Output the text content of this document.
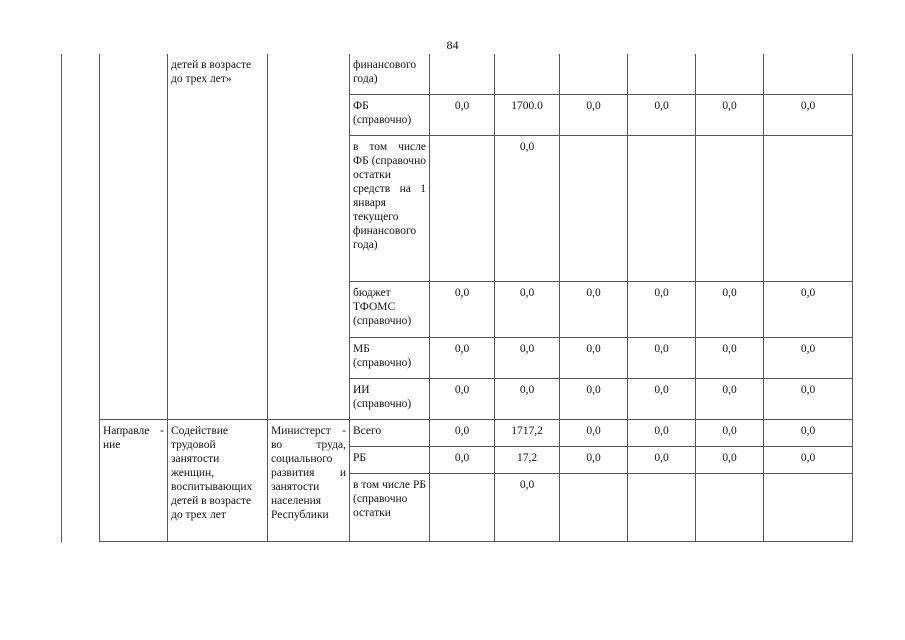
84
	детей в возрасте до трех лет»		финансового года)						
			ФБ (справочно)	0,0	1700.0	0,0	0,0	0,0	0,0
			в том числе ФБ (справочно остатки средств на 1 января текущего финансового года)		0,0				
			бюджет ТФОМС (справочно)	0,0	0,0	0,0	0,0	0,0	0,0
			МБ (справочно)	0,0	0,0	0,0	0,0	0,0	0,0
			ИИ (справочно)	0,0	0,0	0,0	0,0	0,0	0,0
Направле - ние	Содействие трудовой занятости женщин, воспитывающих детей в возрасте до трех лет	Министерст - во труда, социального развития и занятости населения Республики	Всего	0,0	1717,2	0,0	0,0	0,0	0,0
			РБ	0,0	17,2	0,0	0,0	0,0	0,0
			в том числе РБ (справочно остатки		0,0				
